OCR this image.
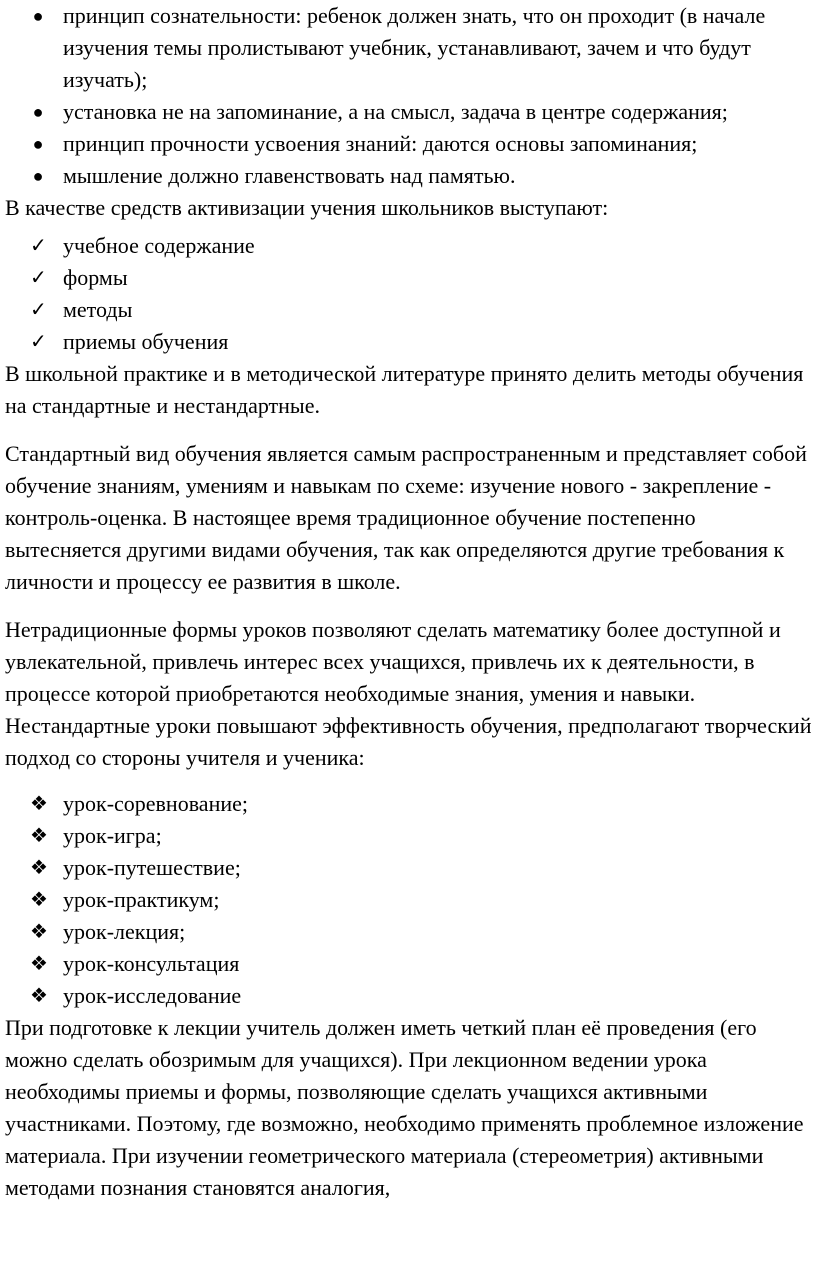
● принцип сознательности: ребенок должен знать, что он проходит (в начале изучения темы пролистывают учебник, устанавливают, зачем и что будут изучать);
● установка не на запоминание, а на смысл, задача в центре содержания;
● принцип прочности усвоения знаний: даются основы запоминания;
● мышление должно главенствовать над памятью.

В качестве средств активизации учения школьников выступают:

✓ учебное содержание
✓ формы
✓ методы
✓ приемы обучения

В школьной практике и в методической литературе принято делить методы обучения на стандартные и нестандартные.

Стандартный вид обучения является самым распространенным и представляет собой обучение знаниям, умениям и навыкам по схеме: изучение нового - закрепление - контроль-оценка. В настоящее время традиционное обучение постепенно вытесняется другими видами обучения, так как определяются другие требования к личности и процессу ее развития в школе.

Нетрадиционные формы уроков позволяют сделать математику более доступной и увлекательной, привлечь интерес всех учащихся, привлечь их к деятельности, в процессе которой приобретаются необходимые знания, умения и навыки. Нестандартные уроки повышают эффективность обучения, предполагают творческий подход со стороны учителя и ученика:

❖ урок-соревнование;
❖ урок-игра;
❖ урок-путешествие;
❖ урок-практикум;
❖ урок-лекция;
❖ урок-консультация
❖ урок-исследование

При подготовке к лекции учитель должен иметь четкий план её проведения (его можно сделать обозримым для учащихся). При лекционном ведении урока необходимы приемы и формы, позволяющие сделать учащихся активными участниками. Поэтому, где возможно, необходимо применять проблемное изложение материала. При изучении геометрического материала (стереометрия) активными методами познания становятся аналогия,
